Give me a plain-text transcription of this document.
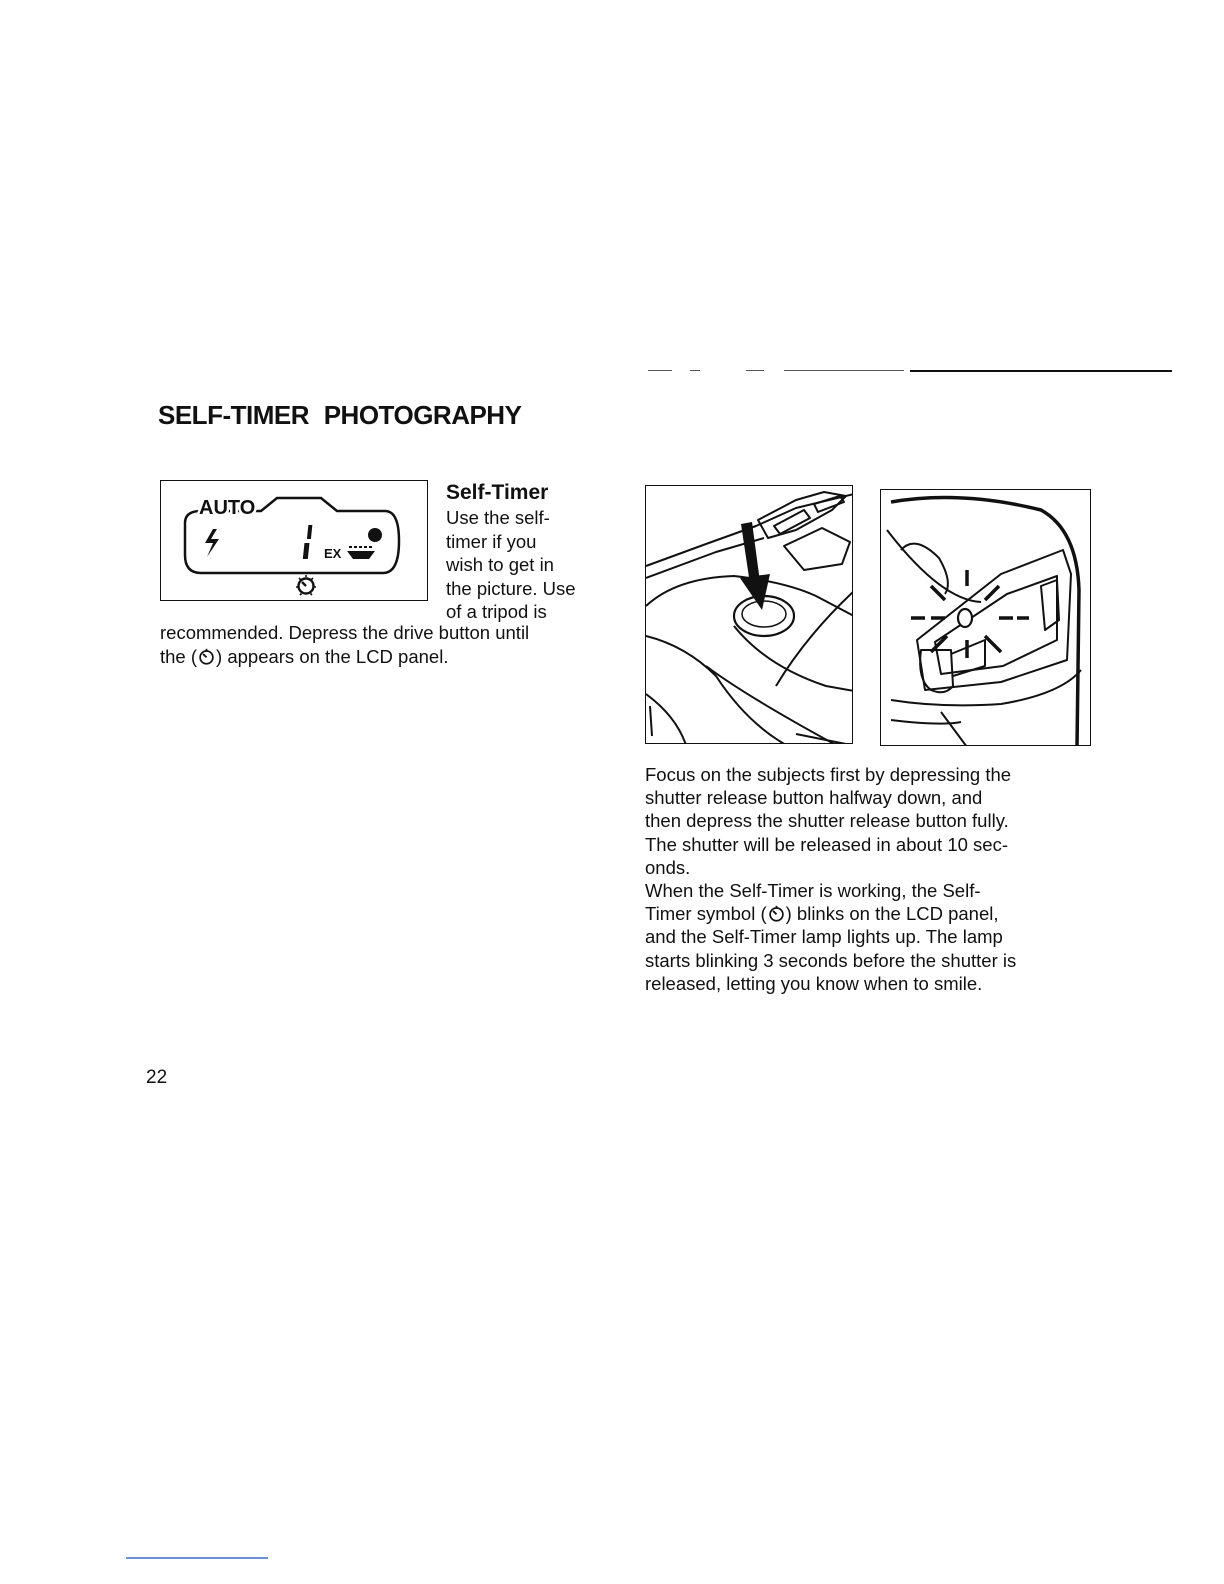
SELF-TIMER PHOTOGRAPHY
AUTO
EX
Self-Timer
Use the self-
timer if you
wish to get in
the picture. Use
of a tripod is
recommended. Depress the drive button until
the ( ) appears on the LCD panel.
Focus on the subjects first by depressing the
shutter release button halfway down, and
then depress the shutter release button fully.
The shutter will be released in about 10 sec-
onds.
When the Self-Timer is working, the Self-
Timer symbol ( ) blinks on the LCD panel,
and the Self-Timer lamp lights up. The lamp
starts blinking 3 seconds before the shutter is
released, letting you know when to smile.
22
